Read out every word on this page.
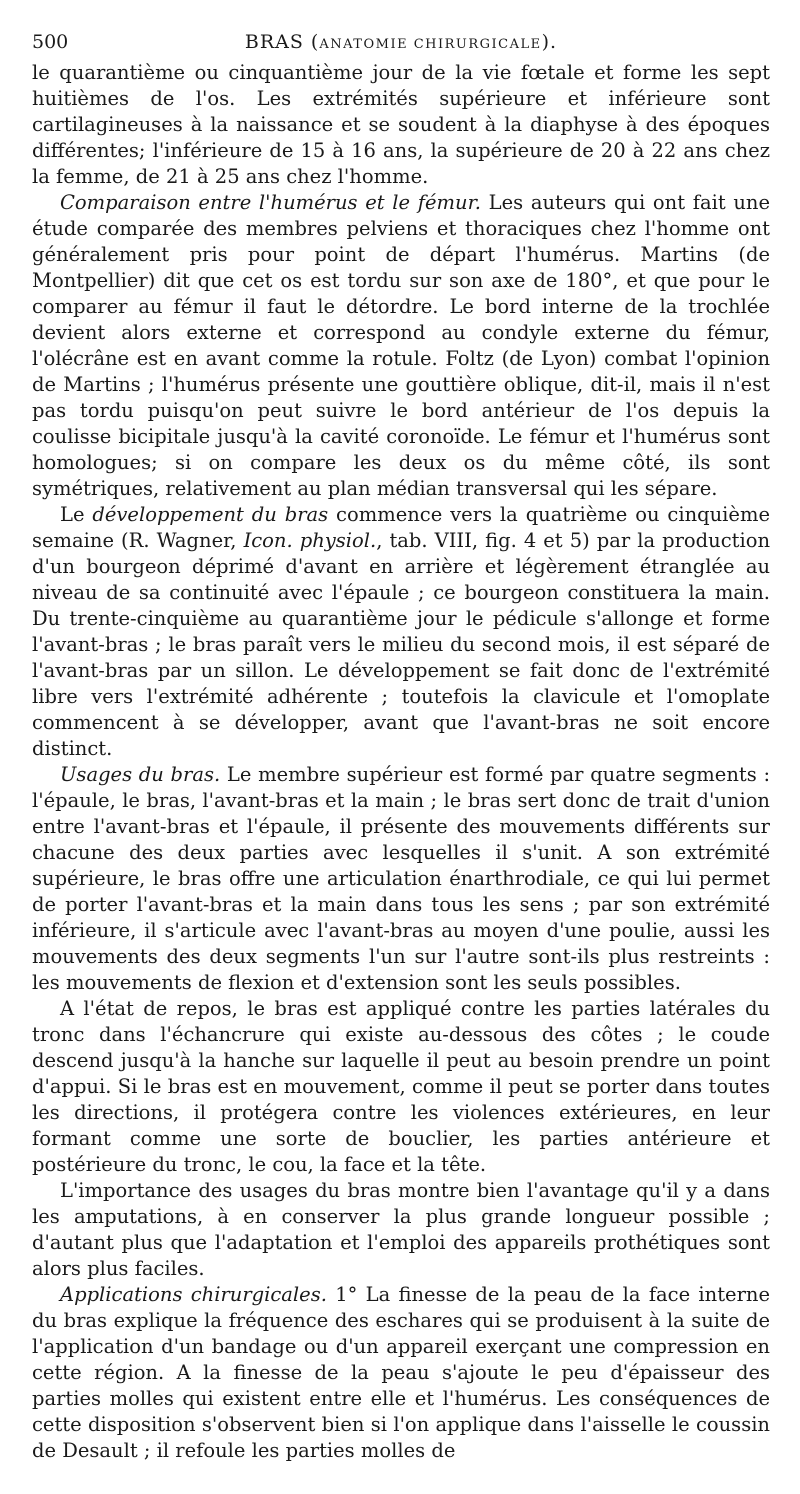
500	BRAS (ANATOMIE CHIRURGICALE).

le quarantième ou cinquantième jour de la vie fœtale et forme les sept huitièmes de l'os. Les extrémités supérieure et inférieure sont cartilagineuses à la naissance et se soudent à la diaphyse à des époques différentes; l'inférieure de 15 à 16 ans, la supérieure de 20 à 22 ans chez la femme, de 21 à 25 ans chez l'homme.

Comparaison entre l'humérus et le fémur. Les auteurs qui ont fait une étude comparée des membres pelviens et thoraciques chez l'homme ont généralement pris pour point de départ l'humérus. Martins (de Montpellier) dit que cet os est tordu sur son axe de 180°, et que pour le comparer au fémur il faut le détordre. Le bord interne de la trochlée devient alors externe et correspond au condyle externe du fémur, l'olécrâne est en avant comme la rotule. Foltz (de Lyon) combat l'opinion de Martins ; l'humérus présente une gouttière oblique, dit-il, mais il n'est pas tordu puisqu'on peut suivre le bord antérieur de l'os depuis la coulisse bicipitale jusqu'à la cavité coronoïde. Le fémur et l'humérus sont homologues; si on compare les deux os du même côté, ils sont symétriques, relativement au plan médian transversal qui les sépare.

Le développement du bras commence vers la quatrième ou cinquième semaine (R. Wagner, Icon. physiol., tab. VIII, fig. 4 et 5) par la production d'un bourgeon déprimé d'avant en arrière et légèrement étranglée au niveau de sa continuité avec l'épaule ; ce bourgeon constituera la main. Du trente-cinquième au quarantième jour le pédicule s'allonge et forme l'avant-bras ; le bras paraît vers le milieu du second mois, il est séparé de l'avant-bras par un sillon. Le développement se fait donc de l'extrémité libre vers l'extrémité adhérente ; toutefois la clavicule et l'omoplate commencent à se développer, avant que l'avant-bras ne soit encore distinct.

Usages du bras. Le membre supérieur est formé par quatre segments : l'épaule, le bras, l'avant-bras et la main ; le bras sert donc de trait d'union entre l'avant-bras et l'épaule, il présente des mouvements différents sur chacune des deux parties avec lesquelles il s'unit. A son extrémité supérieure, le bras offre une articulation énarthrodiale, ce qui lui permet de porter l'avant-bras et la main dans tous les sens ; par son extrémité inférieure, il s'articule avec l'avant-bras au moyen d'une poulie, aussi les mouvements des deux segments l'un sur l'autre sont-ils plus restreints : les mouvements de flexion et d'extension sont les seuls possibles.

A l'état de repos, le bras est appliqué contre les parties latérales du tronc dans l'échancrure qui existe au-dessous des côtes ; le coude descend jusqu'à la hanche sur laquelle il peut au besoin prendre un point d'appui. Si le bras est en mouvement, comme il peut se porter dans toutes les directions, il protégera contre les violences extérieures, en leur formant comme une sorte de bouclier, les parties antérieure et postérieure du tronc, le cou, la face et la tête.

L'importance des usages du bras montre bien l'avantage qu'il y a dans les amputations, à en conserver la plus grande longueur possible ; d'autant plus que l'adaptation et l'emploi des appareils prothétiques sont alors plus faciles.

Applications chirurgicales. 1° La finesse de la peau de la face interne du bras explique la fréquence des eschares qui se produisent à la suite de l'application d'un bandage ou d'un appareil exerçant une compression en cette région. A la finesse de la peau s'ajoute le peu d'épaisseur des parties molles qui existent entre elle et l'humérus. Les conséquences de cette disposition s'observent bien si l'on applique dans l'aisselle le coussin de Desault ; il refoule les parties molles de
